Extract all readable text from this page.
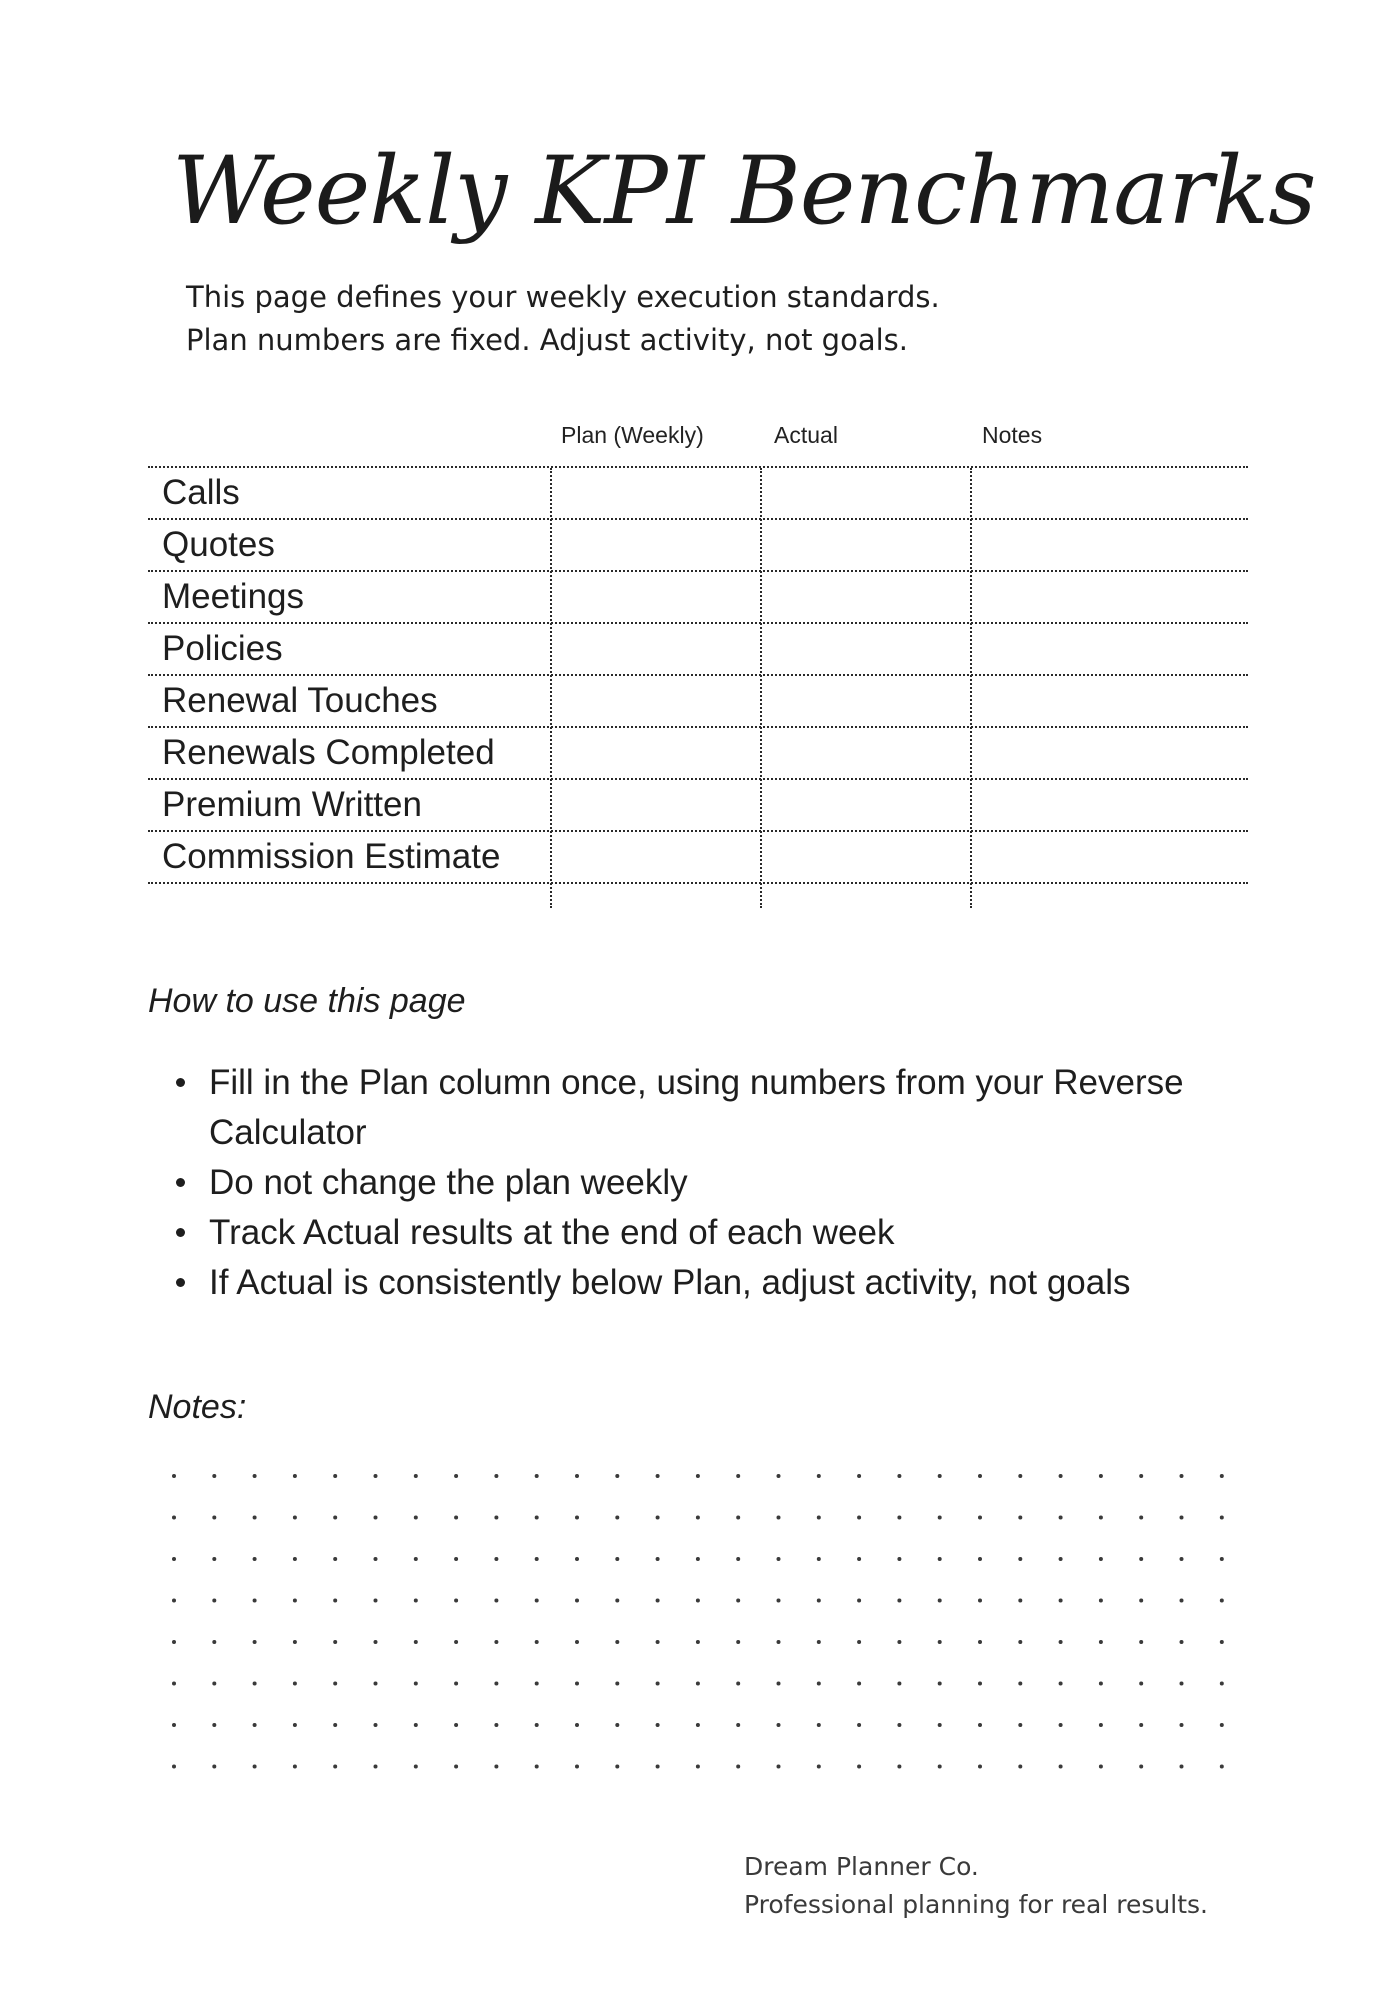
Weekly KPI Benchmarks
This page defines your weekly execution standards.
Plan numbers are fixed. Adjust activity, not goals.
Plan (Weekly)	Actual	Notes
Calls
Quotes
Meetings
Policies
Renewal Touches
Renewals Completed
Premium Written
Commission Estimate
How to use this page
Fill in the Plan column once, using numbers from your Reverse Calculator
Do not change the plan weekly
Track Actual results at the end of each week
If Actual is consistently below Plan, adjust activity, not goals
Notes:
Dream Planner Co.
Professional planning for real results.
